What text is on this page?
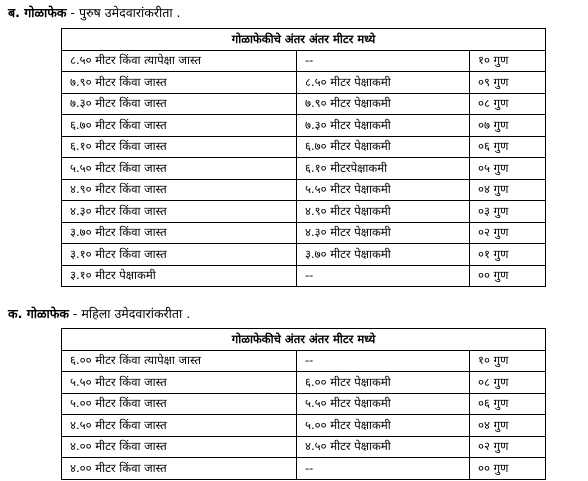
ब. गोळाफेक - पुरुष उमेदवारांकरीता .
गोळाफेकीचे अंतर अंतर मीटर मध्ये		
८.५० मीटर किंवा त्यापेक्षा जास्त	--	१० गुण
७.९० मीटर किंवा जास्त	८.५० मीटर पेक्षाकमी	०९ गुण
७.३० मीटर किंवा जास्त	७.९० मीटर पेक्षाकमी	०८ गुण
६.७० मीटर किंवा जास्त	७.३० मीटर पेक्षाकमी	०७ गुण
६.१० मीटर किंवा जास्त	६.७० मीटर पेक्षाकमी	०६ गुण
५.५० मीटर किंवा जास्त	६.१० मीटरपेक्षाकमी	०५ गुण
४.९० मीटर किंवा जास्त	५.५० मीटर पेक्षाकमी	०४ गुण
४.३० मीटर किंवा जास्त	४.९० मीटर पेक्षाकमी	०३ गुण
३.७० मीटर किंवा जास्त	४.३० मीटर पेक्षाकमी	०२ गुण
३.१० मीटर किंवा जास्त	३.७० मीटर पेक्षाकमी	०१ गुण
३.१० मीटर पेक्षाकमी	--	०० गुण
क. गोळाफेक - महिला उमेदवारांकरीता .
गोळाफेकीचे अंतर अंतर मीटर मध्ये		
६.०० मीटर किंवा त्यापेक्षा जास्त	--	१० गुण
५.५० मीटर किंवा जास्त	६.०० मीटर पेक्षाकमी	०८ गुण
५.०० मीटर किंवा जास्त	५.५० मीटर पेक्षाकमी	०६ गुण
४.५० मीटर किंवा जास्त	५.०० मीटर पेक्षाकमी	०४ गुण
४.०० मीटर किंवा जास्त	४.५० मीटर पेक्षाकमी	०२ गुण
४.०० मीटर किंवा जास्त	--	०० गुण
